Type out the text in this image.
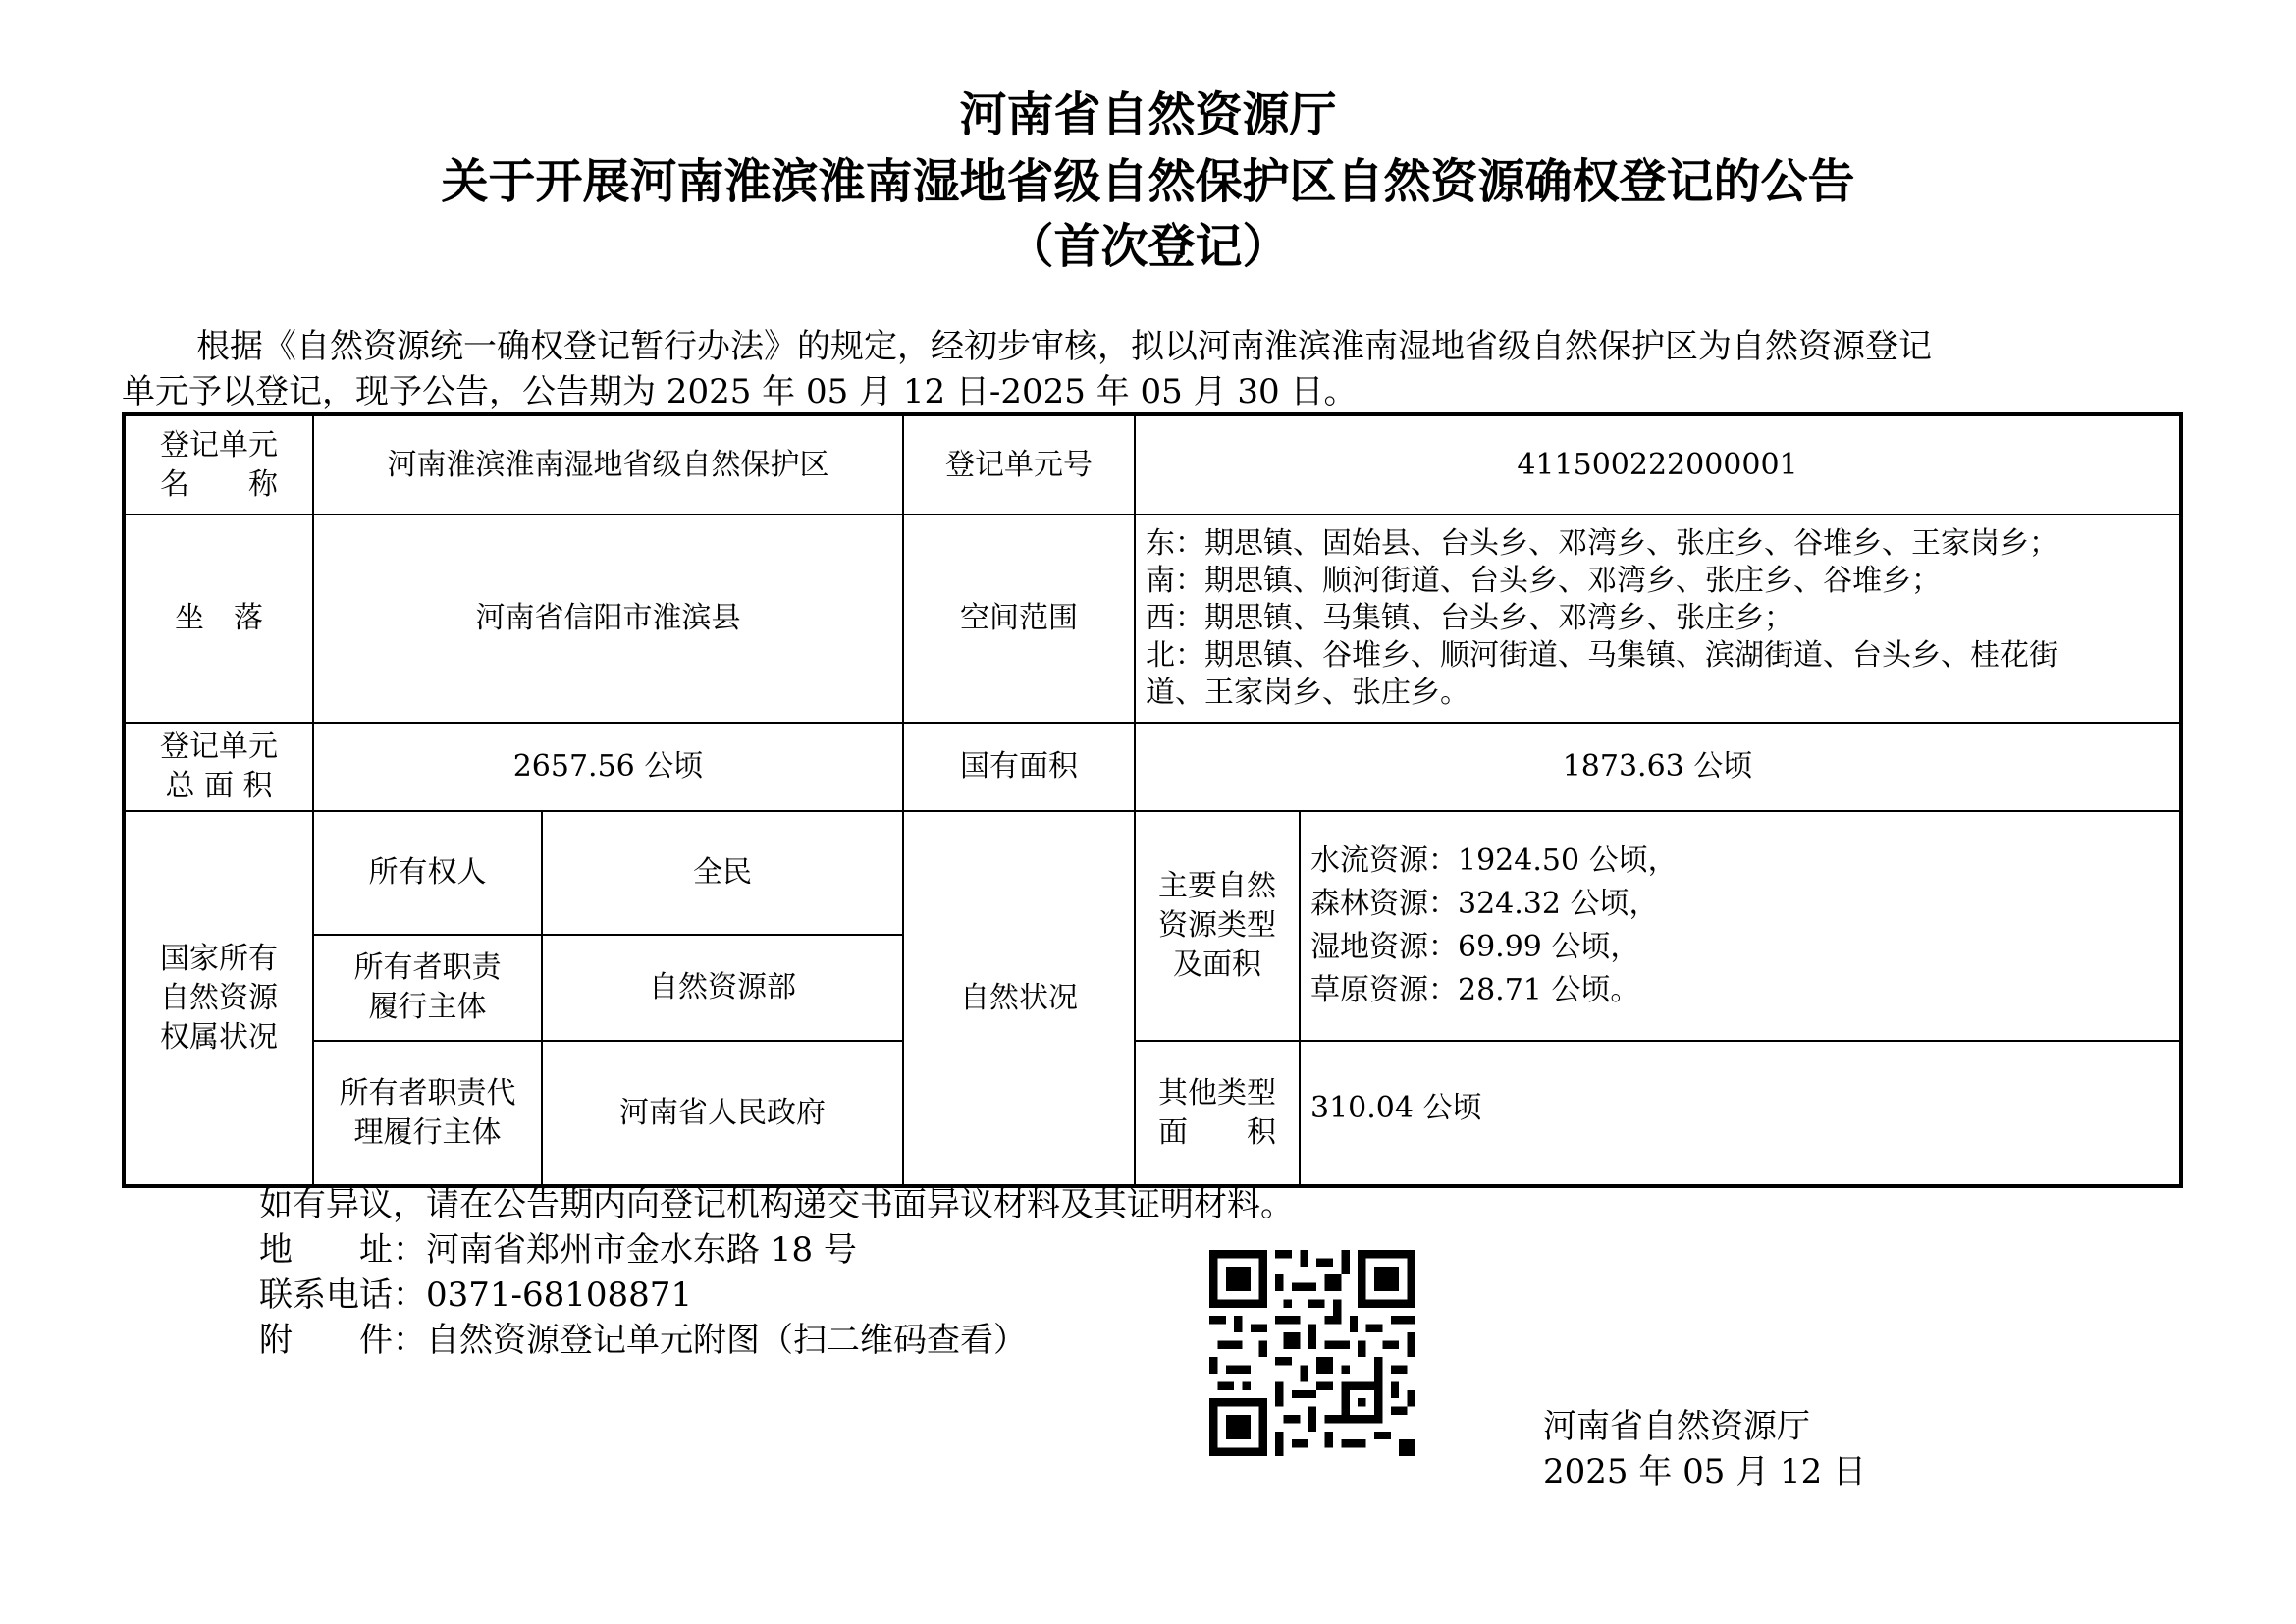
河南省自然资源厅
关于开展河南淮滨淮南湿地省级自然保护区自然资源确权登记的公告
（首次登记）

根据《自然资源统一确权登记暂行办法》的规定，经初步审核，拟以河南淮滨淮南湿地省级自然保护区为自然资源登记

单元予以登记，现予公告，公告期为 2025 年 05 月 12 日-2025 年 05 月 30 日。

登记单元
名　　称	河南淮滨淮南湿地省级自然保护区		登记单元号	411500222000001	
坐　落	河南省信阳市淮滨县		空间范围	东：期思镇、固始县、台头乡、邓湾乡、张庄乡、谷堆乡、王家岗乡；
南：期思镇、顺河街道、台头乡、邓湾乡、张庄乡、谷堆乡；
西：期思镇、马集镇、台头乡、邓湾乡、张庄乡；
北：期思镇、谷堆乡、顺河街道、马集镇、滨湖街道、台头乡、桂花街
道、王家岗乡、张庄乡。	

登记单元
总 面 积	2657.56 公顷		国有面积	1873.63 公顷	

国家所有
自然资源
权属状况	所有权人	全民	自然状况	主要自然
资源类型
及面积	水流资源：1924.50 公顷，
森林资源：324.32 公顷，
湿地资源：69.99 公顷，
草原资源：28.71 公顷。

	所有者职责
履行主体	自然资源部			

	所有者职责代
理履行主体	河南省人民政府		其他类型
面　　积	310.04 公顷

如有异议，请在公告期内向登记机构递交书面异议材料及其证明材料。

地　　址：河南省郑州市金水东路 18 号

联系电话：0371-68108871

附　　件：自然资源登记单元附图（扫二维码查看）

河南省自然资源厅

2025 年 05 月 12 日
